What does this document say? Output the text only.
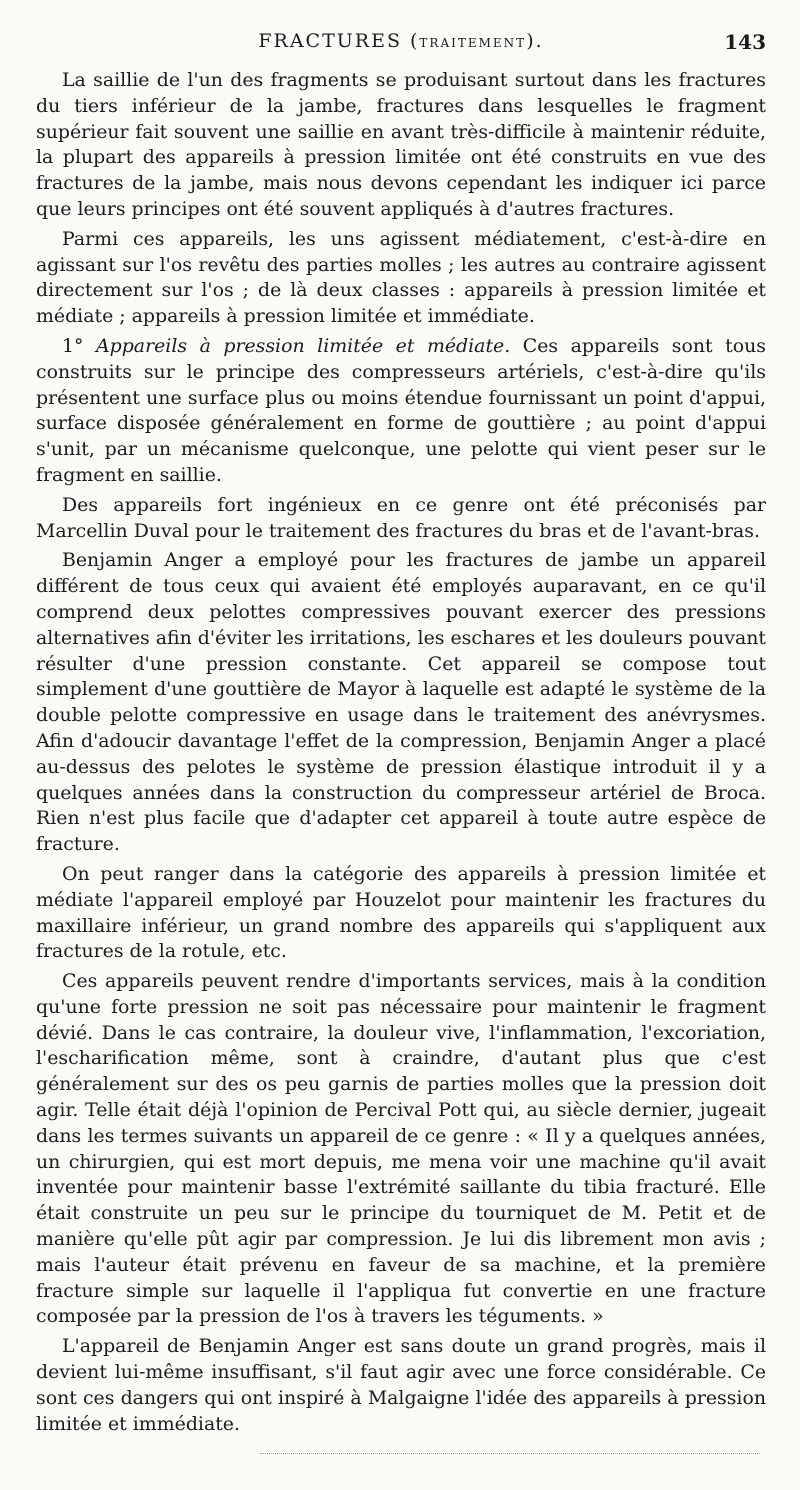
FRACTURES (TRAITEMENT).	143

La saillie de l'un des fragments se produisant surtout dans les fractures du tiers inférieur de la jambe, fractures dans lesquelles le fragment supérieur fait souvent une saillie en avant très-difficile à maintenir réduite, la plupart des appareils à pression limitée ont été construits en vue des fractures de la jambe, mais nous devons cependant les indiquer ici parce que leurs principes ont été souvent appliqués à d'autres fractures.

Parmi ces appareils, les uns agissent médiatement, c'est-à-dire en agissant sur l'os revêtu des parties molles ; les autres au contraire agissent directement sur l'os ; de là deux classes : appareils à pression limitée et médiate ; appareils à pression limitée et immédiate.

1° Appareils à pression limitée et médiate. Ces appareils sont tous construits sur le principe des compresseurs artériels, c'est-à-dire qu'ils présentent une surface plus ou moins étendue fournissant un point d'appui, surface disposée généralement en forme de gouttière ; au point d'appui s'unit, par un mécanisme quelconque, une pelotte qui vient peser sur le fragment en saillie.

Des appareils fort ingénieux en ce genre ont été préconisés par Marcellin Duval pour le traitement des fractures du bras et de l'avant-bras.

Benjamin Anger a employé pour les fractures de jambe un appareil différent de tous ceux qui avaient été employés auparavant, en ce qu'il comprend deux pelottes compressives pouvant exercer des pressions alternatives afin d'éviter les irritations, les eschares et les douleurs pouvant résulter d'une pression constante. Cet appareil se compose tout simplement d'une gouttière de Mayor à laquelle est adapté le système de la double pelotte compressive en usage dans le traitement des anévrysmes. Afin d'adoucir davantage l'effet de la compression, Benjamin Anger a placé au-dessus des pelotes le système de pression élastique introduit il y a quelques années dans la construction du compresseur artériel de Broca. Rien n'est plus facile que d'adapter cet appareil à toute autre espèce de fracture.

On peut ranger dans la catégorie des appareils à pression limitée et médiate l'appareil employé par Houzelot pour maintenir les fractures du maxillaire inférieur, un grand nombre des appareils qui s'appliquent aux fractures de la rotule, etc.

Ces appareils peuvent rendre d'importants services, mais à la condition qu'une forte pression ne soit pas nécessaire pour maintenir le fragment dévié. Dans le cas contraire, la douleur vive, l'inflammation, l'excoriation, l'escharification même, sont à craindre, d'autant plus que c'est généralement sur des os peu garnis de parties molles que la pression doit agir. Telle était déjà l'opinion de Percival Pott qui, au siècle dernier, jugeait dans les termes suivants un appareil de ce genre : « Il y a quelques années, un chirurgien, qui est mort depuis, me mena voir une machine qu'il avait inventée pour maintenir basse l'extrémité saillante du tibia fracturé. Elle était construite un peu sur le principe du tourniquet de M. Petit et de manière qu'elle pût agir par compression. Je lui dis librement mon avis ; mais l'auteur était prévenu en faveur de sa machine, et la première fracture simple sur laquelle il l'appliqua fut convertie en une fracture composée par la pression de l'os à travers les téguments. »

L'appareil de Benjamin Anger est sans doute un grand progrès, mais il devient lui-même insuffisant, s'il faut agir avec une force considérable. Ce sont ces dangers qui ont inspiré à Malgaigne l'idée des appareils à pression limitée et immédiate.
